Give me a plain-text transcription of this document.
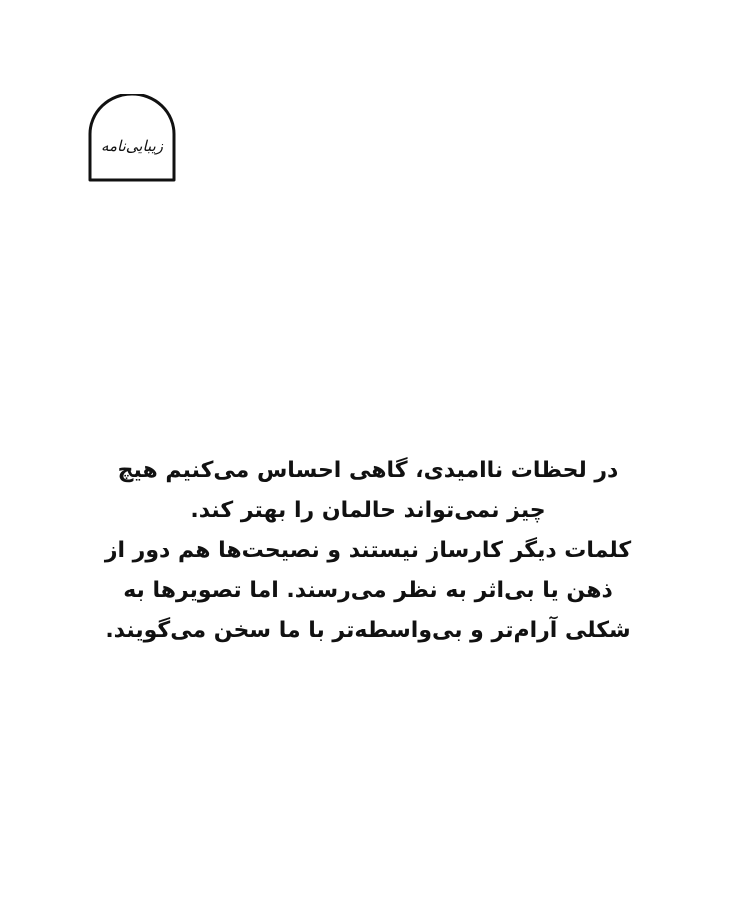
زیبایی‌نامه

در لحظات ناامیدی، گاهی احساس می‌کنیم هیچ
چیز نمی‌تواند حالمان را بهتر کند.
کلمات دیگر کارساز نیستند و نصیحت‌ها هم دور از
ذهن یا بی‌اثر به نظر می‌رسند. اما تصویرها به
شکلی آرام‌تر و بی‌واسطه‌تر با ما سخن می‌گویند.
